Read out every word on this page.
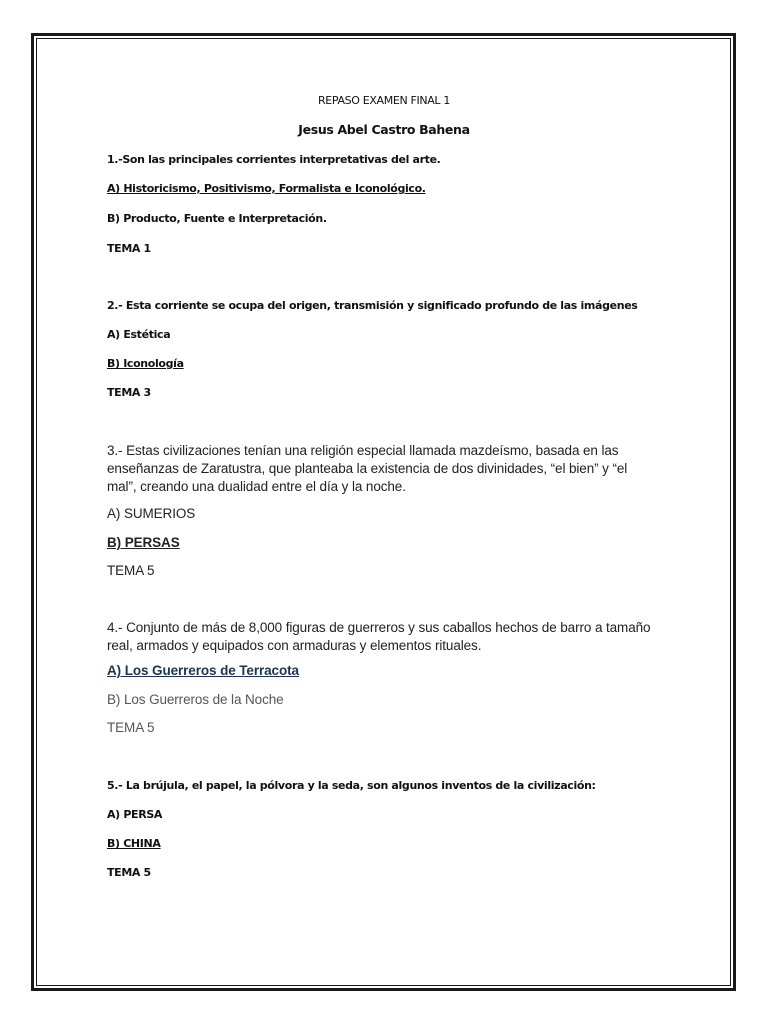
REPASO EXAMEN FINAL 1
Jesus Abel Castro Bahena
1.-Son las principales corrientes interpretativas del arte.
A) Historicismo, Positivismo, Formalista e Iconológico.
B) Producto, Fuente e Interpretación.
TEMA 1
2.- Esta corriente se ocupa del origen, transmisión y significado profundo de las imágenes
A) Estética
B) Iconología
TEMA 3
3.- Estas civilizaciones tenían una religión especial llamada mazdeísmo, basada en las enseñanzas de Zaratustra, que planteaba la existencia de dos divinidades, “el bien” y “el mal”, creando una dualidad entre el día y la noche.
A) SUMERIOS
B) PERSAS
TEMA 5
4.- Conjunto de más de 8,000 figuras de guerreros y sus caballos hechos de barro a tamaño real, armados y equipados con armaduras y elementos rituales.
A) Los Guerreros de Terracota
B) Los Guerreros de la Noche
TEMA 5
5.- La brújula, el papel, la pólvora y la seda, son algunos inventos de la civilización:
A) PERSA
B) CHINA
TEMA 5
